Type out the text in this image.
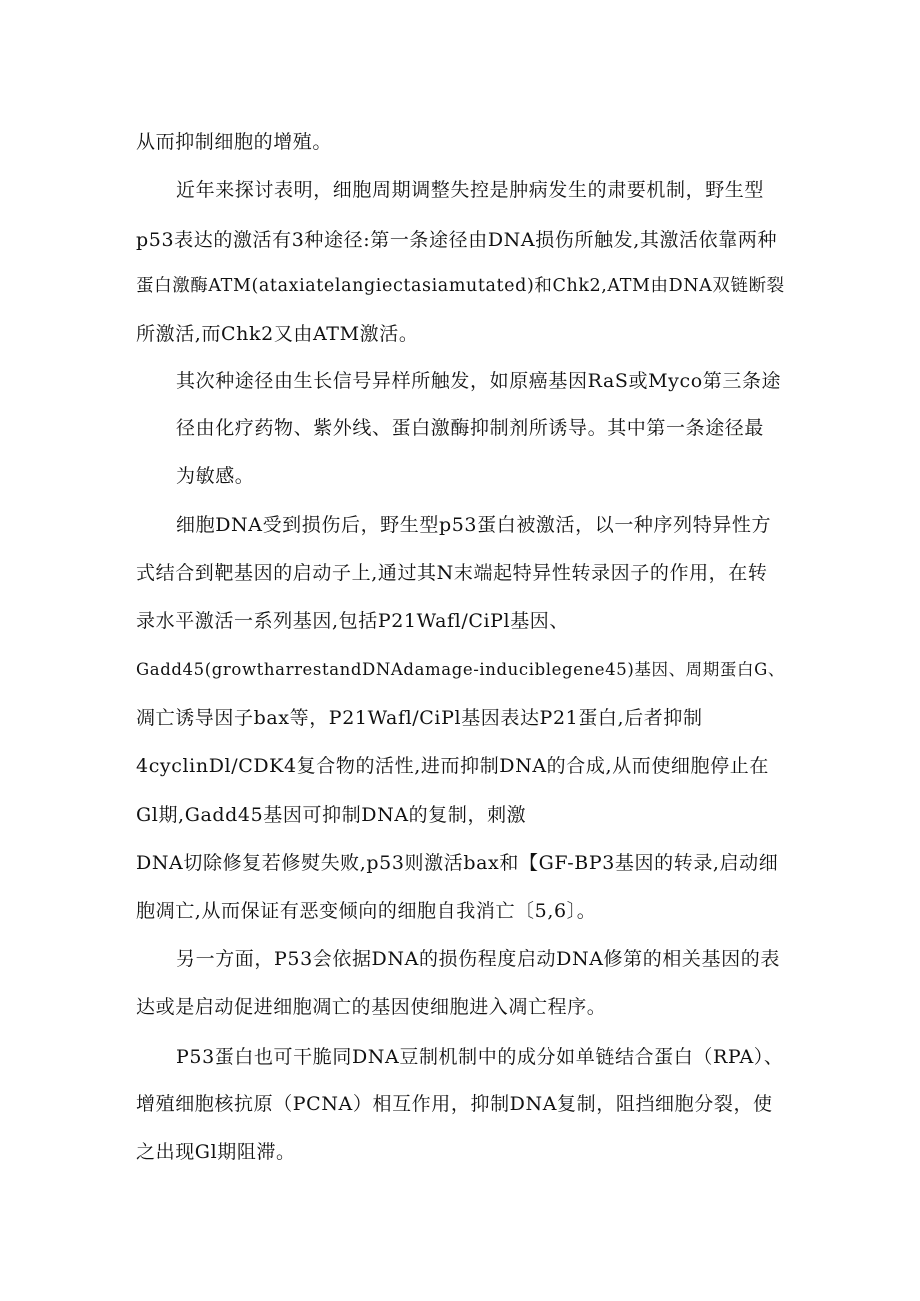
从而抑制细胞的增殖。
近年来探讨表明，细胞周期调整失控是肿病发生的肃要机制，野生型
p53表达的激活有3种途径:第一条途径由DNA损伤所触发,其激活依靠两种
蛋白激酶ATM(ataxiatelangiectasiamutated)和Chk2,ATM由DNA双链断裂
所激活,而Chk2又由ATM激活。
其次种途径由生长信号异样所触发，如原癌基因RaS或Myco第三条途
径由化疗药物、紫外线、蛋白激酶抑制剂所诱导。其中第一条途径最
为敏感。
细胞DNA受到损伤后，野生型p53蛋白被激活，以一种序列特异性方
式结合到靶基因的启动子上,通过其N末端起特异性转录因子的作用，在转
录水平激活一系列基因,包括P21Wafl/CiPl基因、
Gadd45(growtharrestandDNAdamage-induciblegene45)基因、周期蛋白G、
凋亡诱导因子bax等，P21Wafl/CiPl基因表达P21蛋白,后者抑制
4cyclinDl/CDK4复合物的活性,进而抑制DNA的合成,从而使细胞停止在
Gl期,Gadd45基因可抑制DNA的复制，刺激
DNA切除修复若修熨失败,p53则激活bax和【GF-BP3基因的转录,启动细
胞凋亡,从而保证有恶变倾向的细胞自我消亡〔5,6〕。
另一方面，P53会依据DNA的损伤程度启动DNA修第的相关基因的表
达或是启动促进细胞凋亡的基因使细胞进入凋亡程序。
P53蛋白也可干脆同DNA豆制机制中的成分如单链结合蛋白（RPA）、
增殖细胞核抗原（PCNA）相互作用，抑制DNA复制，阻挡细胞分裂，使
之出现Gl期阻滞。
